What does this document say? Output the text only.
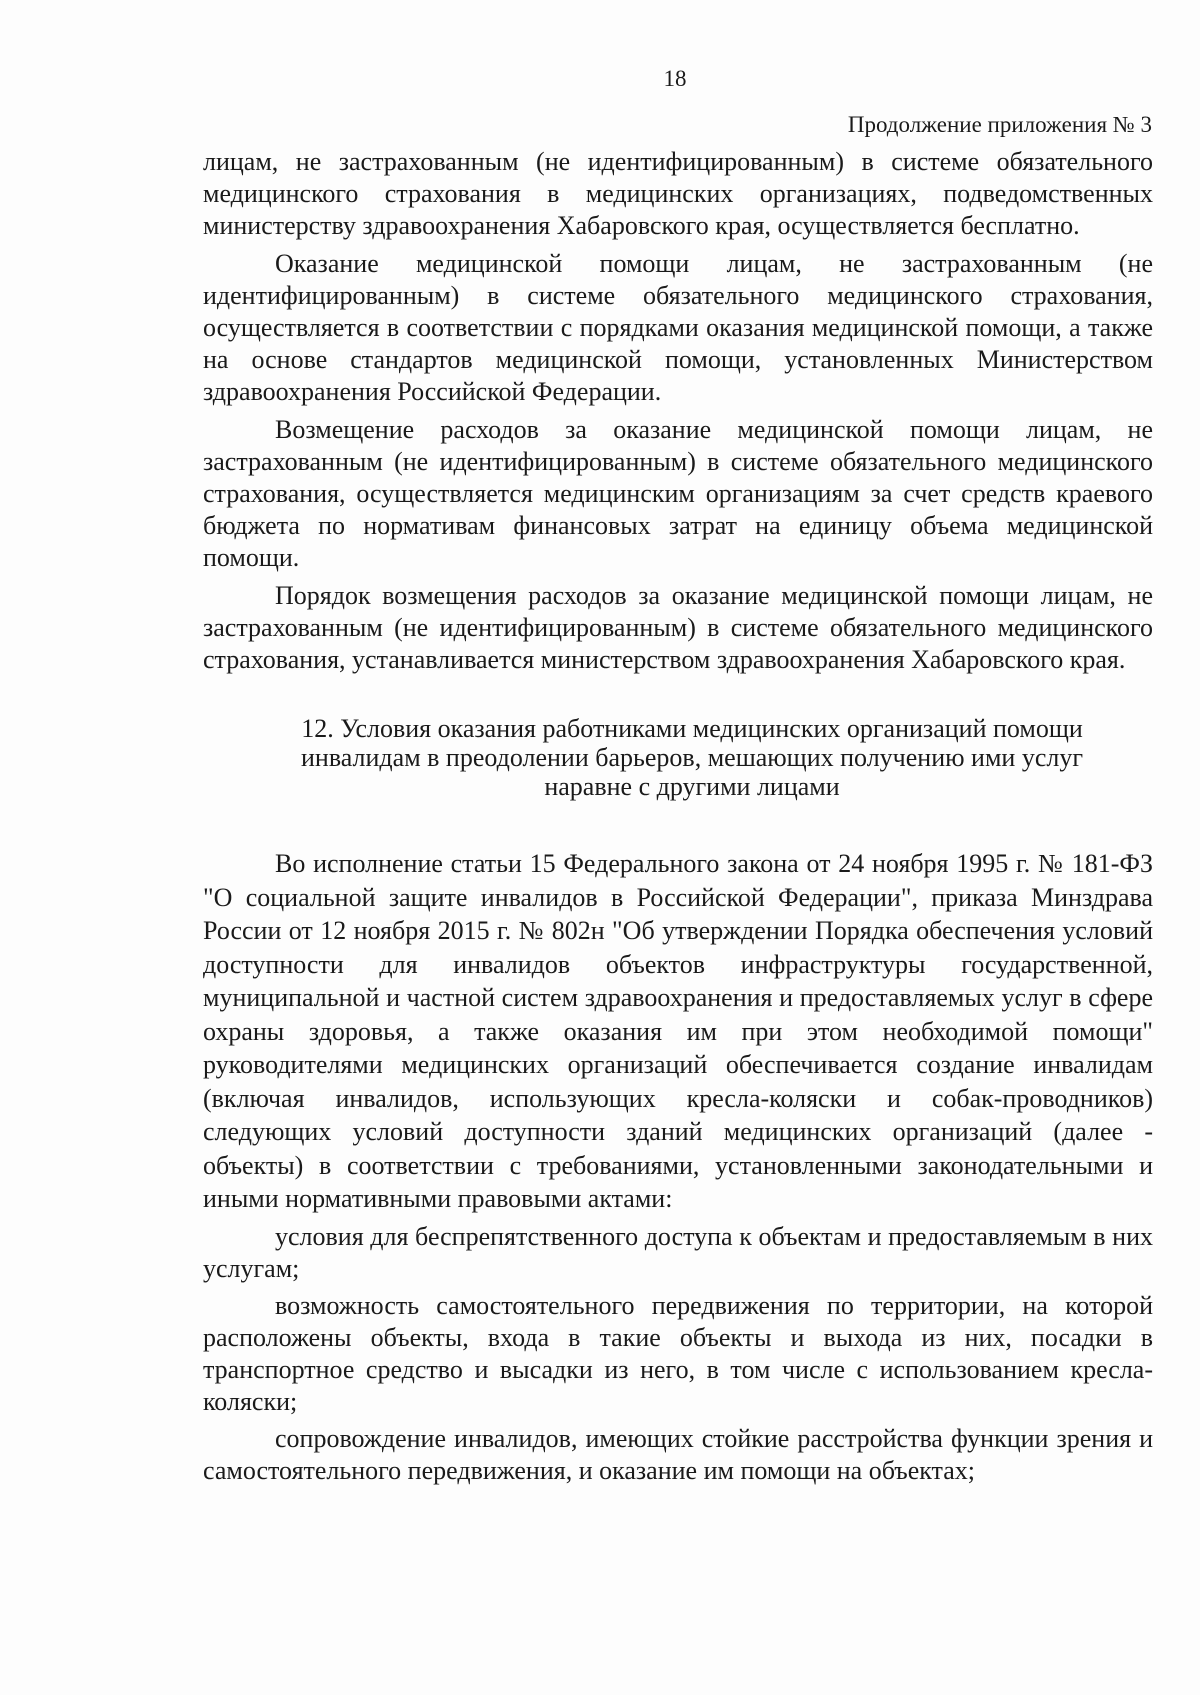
18
Продолжение приложения № 3

лицам, не застрахованным (не идентифицированным) в системе обязательного медицинского страхования в медицинских организациях, подведомственных министерству здравоохранения Хабаровского края, осуществляется бесплатно.

Оказание медицинской помощи лицам, не застрахованным (не идентифицированным) в системе обязательного медицинского страхования, осуществляется в соответствии с порядками оказания медицинской помощи, а также на основе стандартов медицинской помощи, установленных Министерством здравоохранения Российской Федерации.

Возмещение расходов за оказание медицинской помощи лицам, не застрахованным (не идентифицированным) в системе обязательного медицинского страхования, осуществляется медицинским организациям за счет средств краевого бюджета по нормативам финансовых затрат на единицу объема медицинской помощи.

Порядок возмещения расходов за оказание медицинской помощи лицам, не застрахованным (не идентифицированным) в системе обязательного медицинского страхования, устанавливается министерством здравоохранения Хабаровского края.

12. Условия оказания работниками медицинских организаций помощи
инвалидам в преодолении барьеров, мешающих получению ими услуг
наравне с другими лицами

Во исполнение статьи 15 Федерального закона от 24 ноября 1995 г. № 181-ФЗ "О социальной защите инвалидов в Российской Федерации", приказа Минздрава России от 12 ноября 2015 г. № 802н "Об утверждении Порядка обеспечения условий доступности для инвалидов объектов инфраструктуры государственной, муниципальной и частной систем здравоохранения и предоставляемых услуг в сфере охраны здоровья, а также оказания им при этом необходимой помощи" руководителями медицинских организаций обеспечивается создание инвалидам (включая инвалидов, использующих кресла-коляски и собак-проводников) следующих условий доступности зданий медицинских организаций (далее - объекты) в соответствии с требованиями, установленными законодательными и иными нормативными правовыми актами:

условия для беспрепятственного доступа к объектам и предоставляемым в них услугам;

возможность самостоятельного передвижения по территории, на которой расположены объекты, входа в такие объекты и выхода из них, посадки в транспортное средство и высадки из него, в том числе с использованием кресла-коляски;

сопровождение инвалидов, имеющих стойкие расстройства функции зрения и самостоятельного передвижения, и оказание им помощи на объектах;
